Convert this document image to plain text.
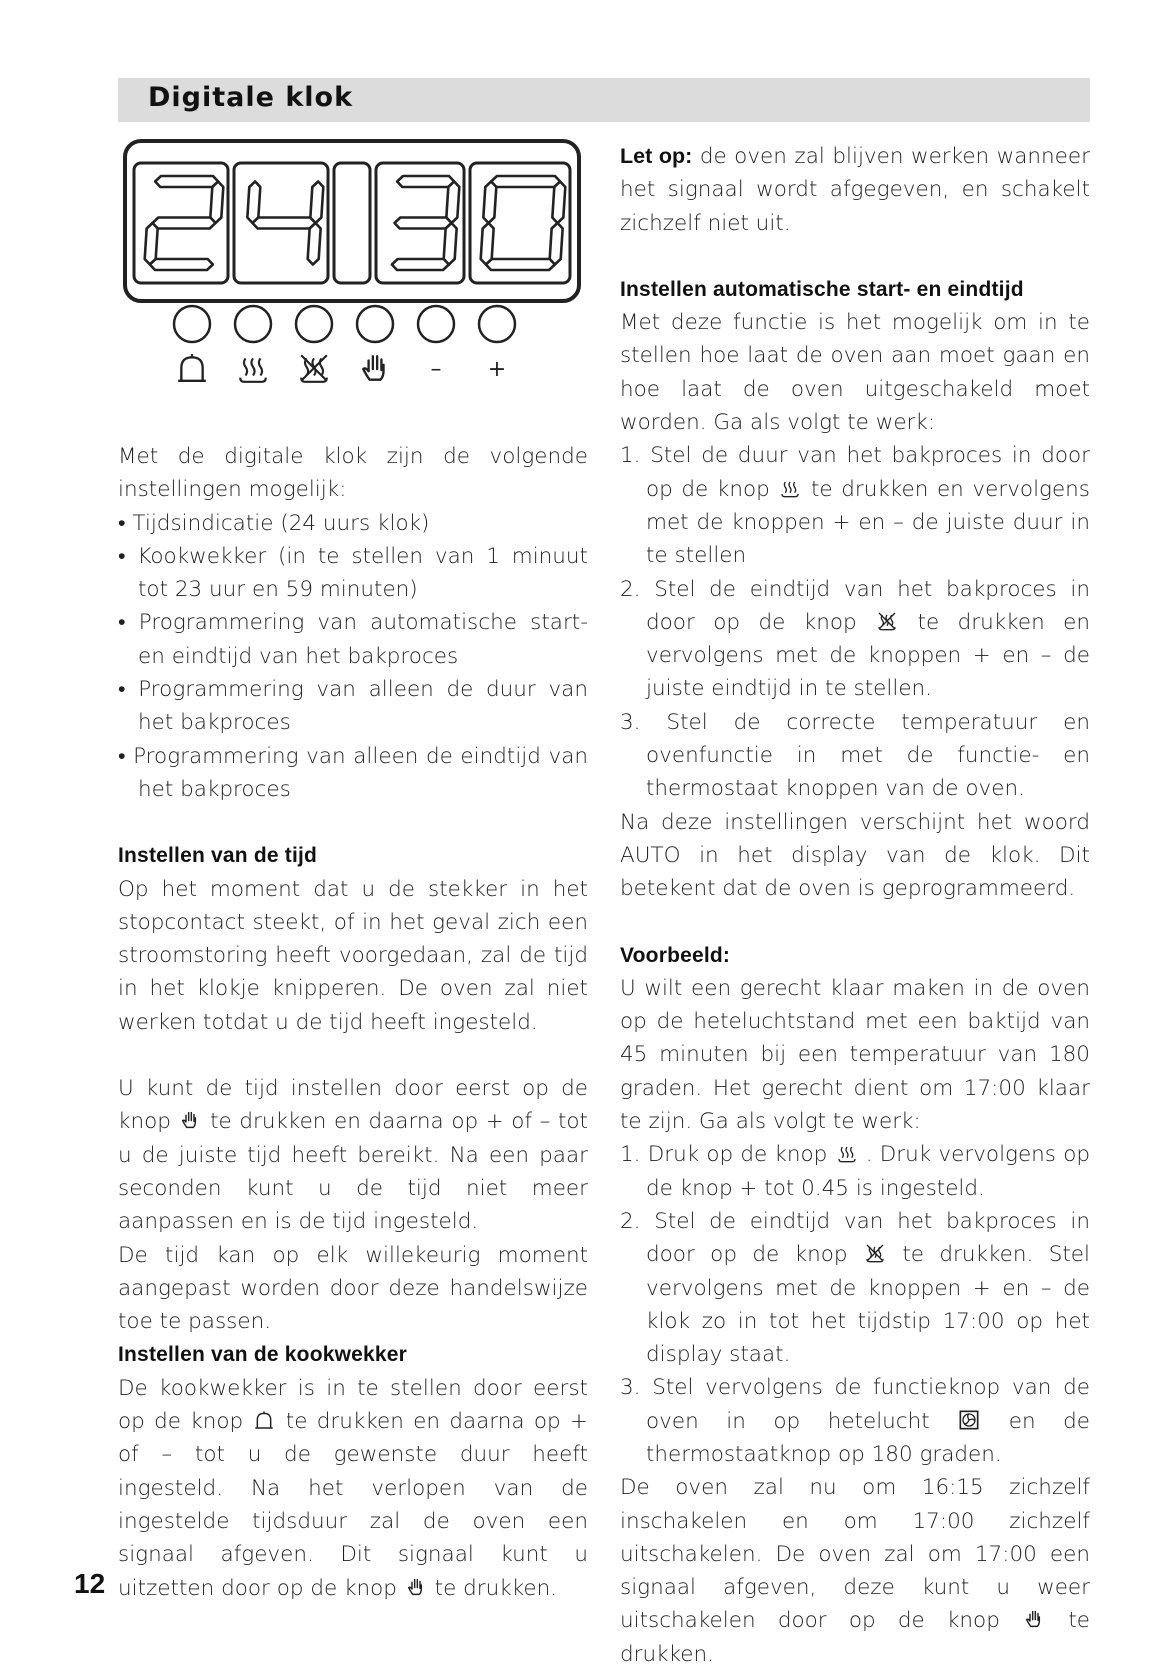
Digitale klok
– +

Met de digitale klok zijn de volgende instellingen mogelijk:

• Tijdsindicatie (24 uurs klok)
• Kookwekker (in te stellen van 1 minuut tot 23 uur en 59 minuten)
• Programmering van automatische start- en eindtijd van het bakproces
• Programmering van alleen de duur van het bakproces
• Programmering van alleen de eindtijd van het bakproces

Instellen van de tijd

Op het moment dat u de stekker in het stopcontact steekt, of in het geval zich een stroomstoring heeft voorgedaan, zal de tijd in het klokje knipperen. De oven zal niet werken totdat u de tijd heeft ingesteld.

U kunt de tijd instellen door eerst op de knop te drukken en daarna op + of – tot u de juiste tijd heeft bereikt. Na een paar seconden kunt u de tijd niet meer aanpassen en is de tijd ingesteld.

De tijd kan op elk willekeurig moment aangepast worden door deze handelswijze toe te passen.

Instellen van de kookwekker

De kookwekker is in te stellen door eerst op de knop te drukken en daarna op + of – tot u de gewenste duur heeft ingesteld. Na het verlopen van de ingestelde tijdsduur zal de oven een signaal afgeven. Dit signaal kunt u uitzetten door op de knop te drukken.

Let op: de oven zal blijven werken wanneer het signaal wordt afgegeven, en schakelt zichzelf niet uit.

Instellen automatische start- en eindtijd

Met deze functie is het mogelijk om in te stellen hoe laat de oven aan moet gaan en hoe laat de oven uitgeschakeld moet worden. Ga als volgt te werk:

1. Stel de duur van het bakproces in door op de knop te drukken en vervolgens met de knoppen + en – de juiste duur in te stellen
2. Stel de eindtijd van het bakproces in door op de knop	te drukken en vervolgens met de knoppen + en – de juiste eindtijd in te stellen.
3. Stel de correcte temperatuur en ovenfunctie in met de functie- en thermostaat knoppen van de oven.

Na deze instellingen verschijnt het woord AUTO in het display van de klok. Dit betekent dat de oven is geprogrammeerd.

Voorbeeld:

U wilt een gerecht klaar maken in de oven op de heteluchtstand met een baktijd van 45 minuten bij een temperatuur van 180 graden. Het gerecht dient om 17:00 klaar te zijn. Ga als volgt te werk:

1. Druk op de knop . Druk vervolgens op de knop + tot 0.45 is ingesteld.
2. Stel de eindtijd van het bakproces in door op de knop	te drukken. Stel vervolgens met de knoppen + en – de klok zo in tot het tijdstip 17:00 op het display staat.
3. Stel vervolgens de functieknop van de oven in op hetelucht	en de thermostaatknop op 180 graden.

De oven zal nu om 16:15 zichzelf inschakelen en om 17:00 zichzelf uitschakelen. De oven zal om 17:00 een signaal afgeven, deze kunt u weer uitschakelen door op de knop	te drukken.

12
